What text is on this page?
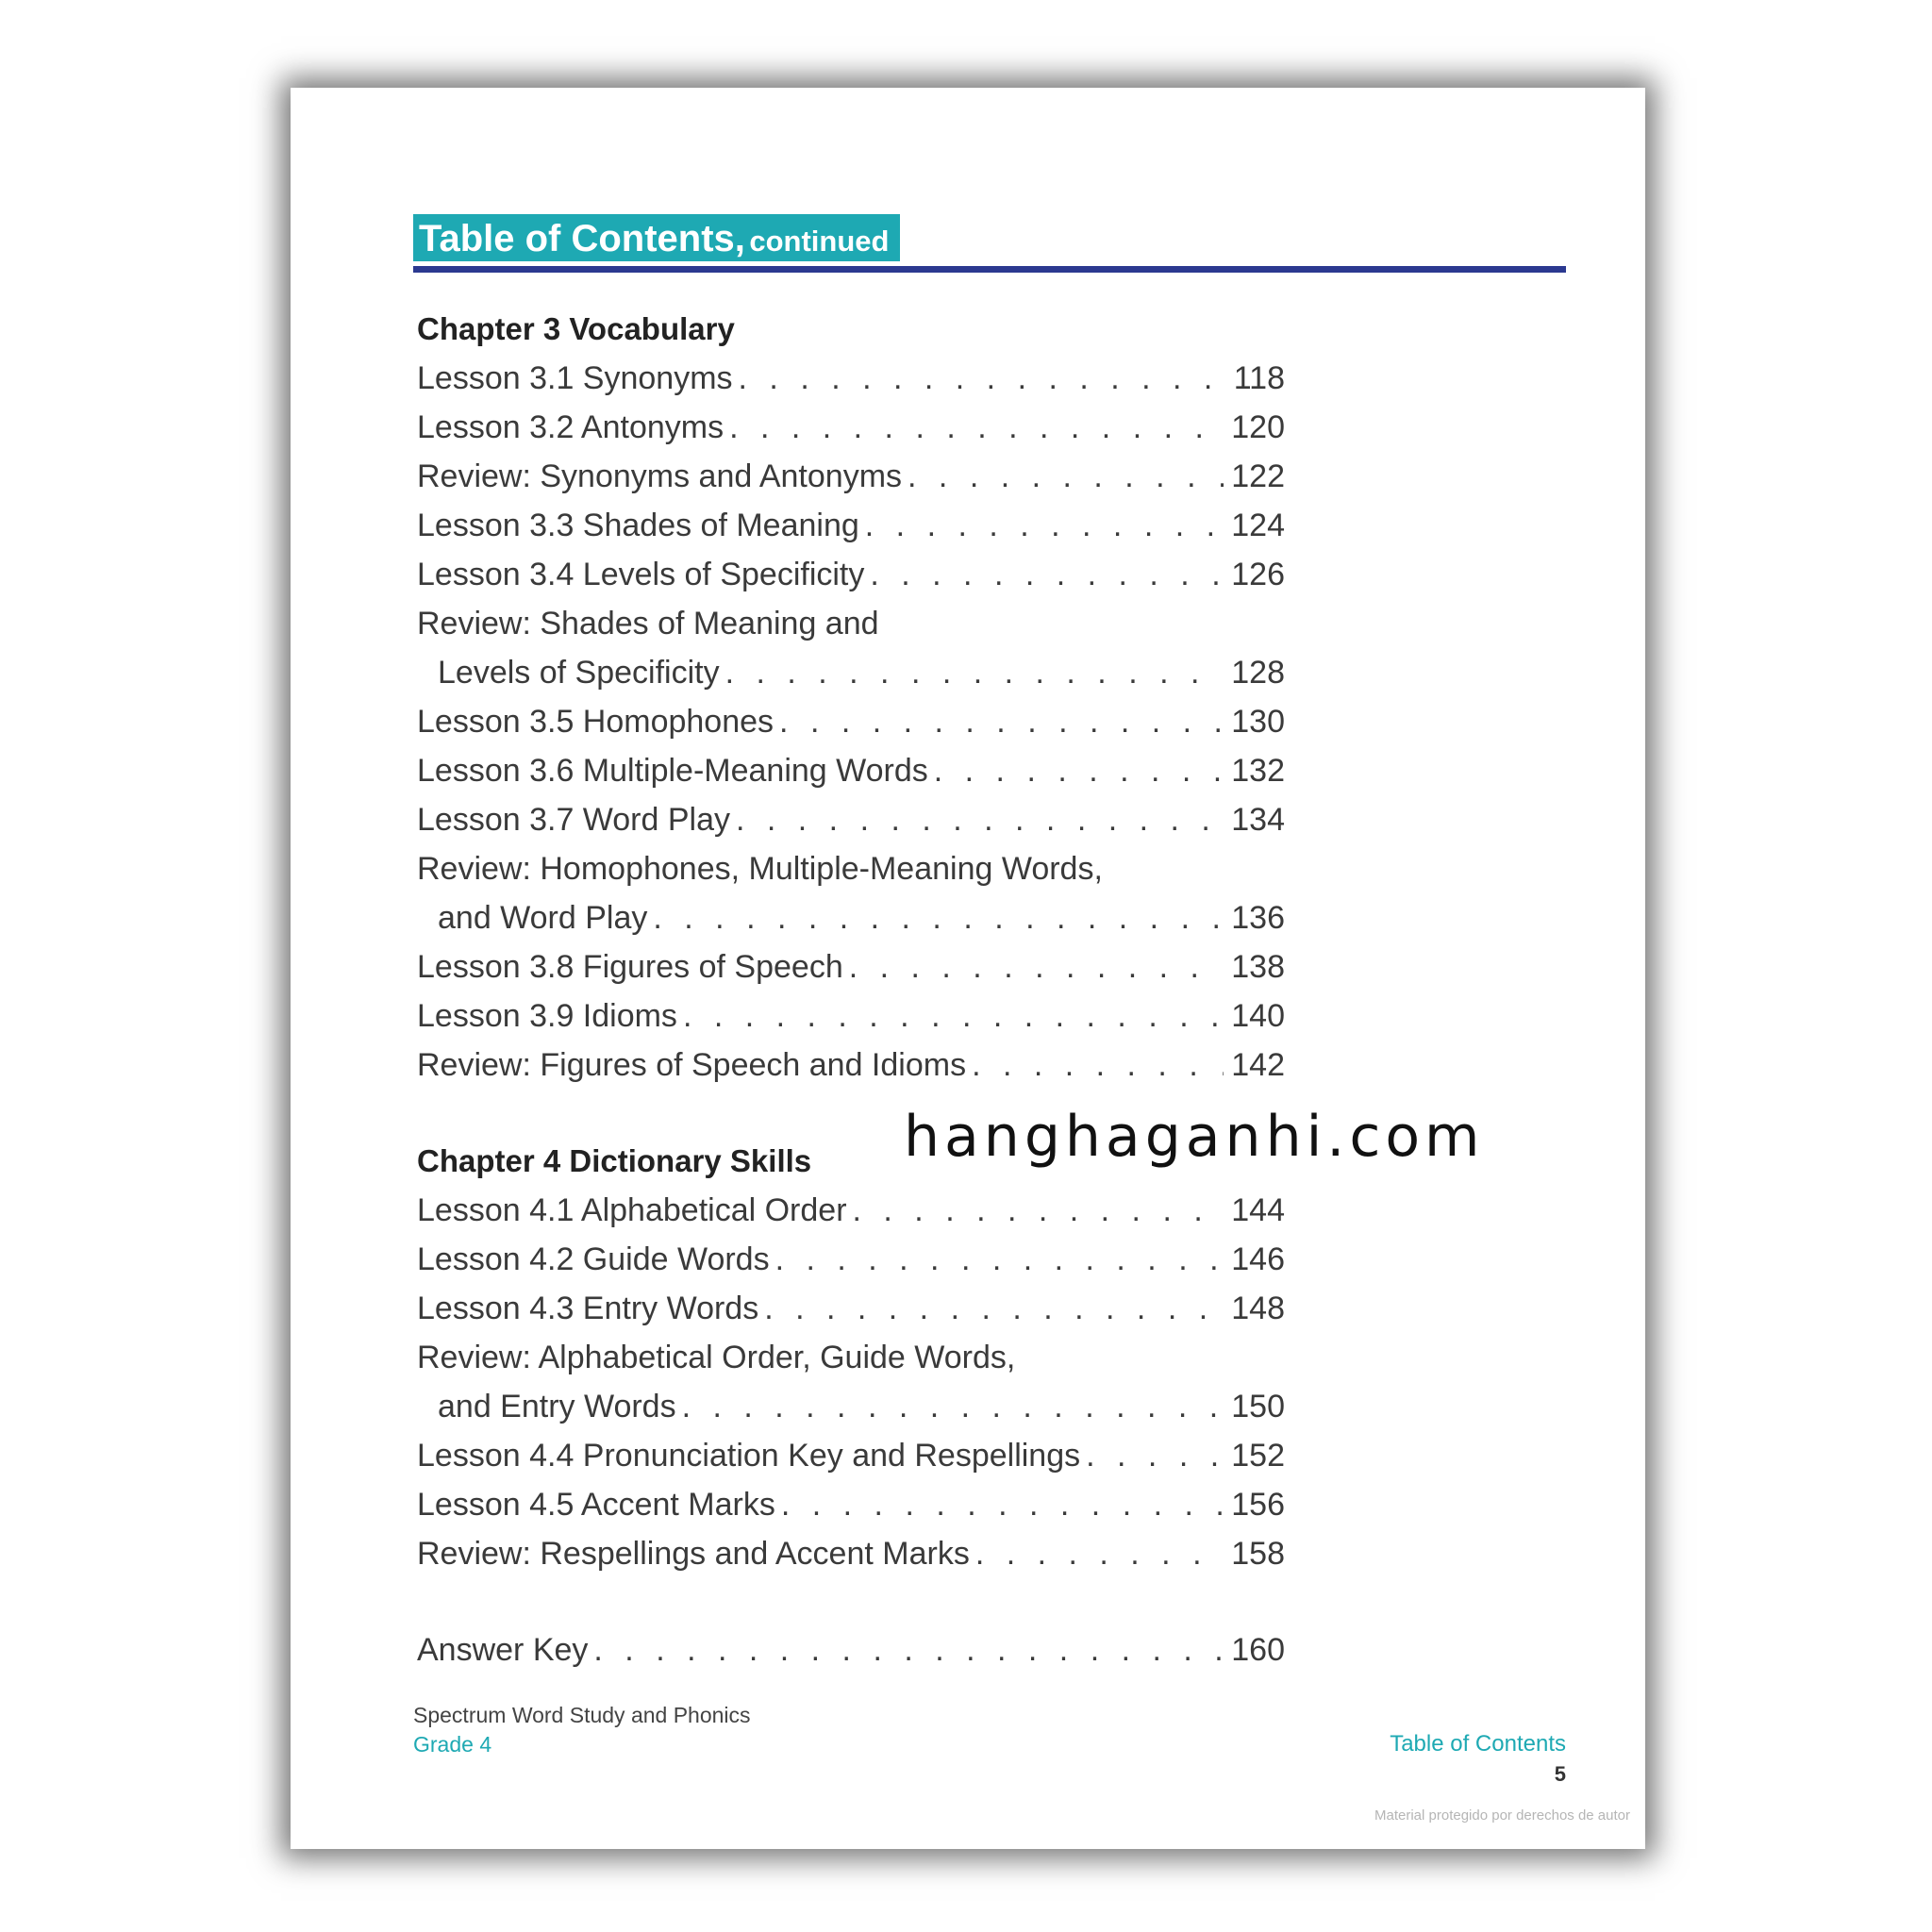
Table of Contents, continued
Chapter 3 Vocabulary
Lesson 3.1 Synonyms . . .	118
Lesson 3.2 Antonyms . . .	120
Review: Synonyms and Antonyms . . .	122
Lesson 3.3 Shades of Meaning . . .	124
Lesson 3.4 Levels of Specificity . . .	126
Review: Shades of Meaning and
Levels of Specificity . . .	128
Lesson 3.5 Homophones . . .	130
Lesson 3.6 Multiple-Meaning Words . . .	132
Lesson 3.7 Word Play . . .	134
Review: Homophones, Multiple-Meaning Words,
and Word Play . . .	136
Lesson 3.8 Figures of Speech . . .	138
Lesson 3.9 Idioms . . .	140
Review: Figures of Speech and Idioms . . .	142
Chapter 4 Dictionary Skills
Lesson 4.1 Alphabetical Order . . .	144
Lesson 4.2 Guide Words . . .	146
Lesson 4.3 Entry Words . . .	148
Review: Alphabetical Order, Guide Words,
and Entry Words . . .	150
Lesson 4.4 Pronunciation Key and Respellings . . .	152
Lesson 4.5 Accent Marks . . .	156
Review: Respellings and Accent Marks . . .	158
Answer Key . . .	160
Spectrum Word Study and Phonics
Grade 4	Table of Contents
5
Material protegido por derechos de autor
hanghaganhi.com
